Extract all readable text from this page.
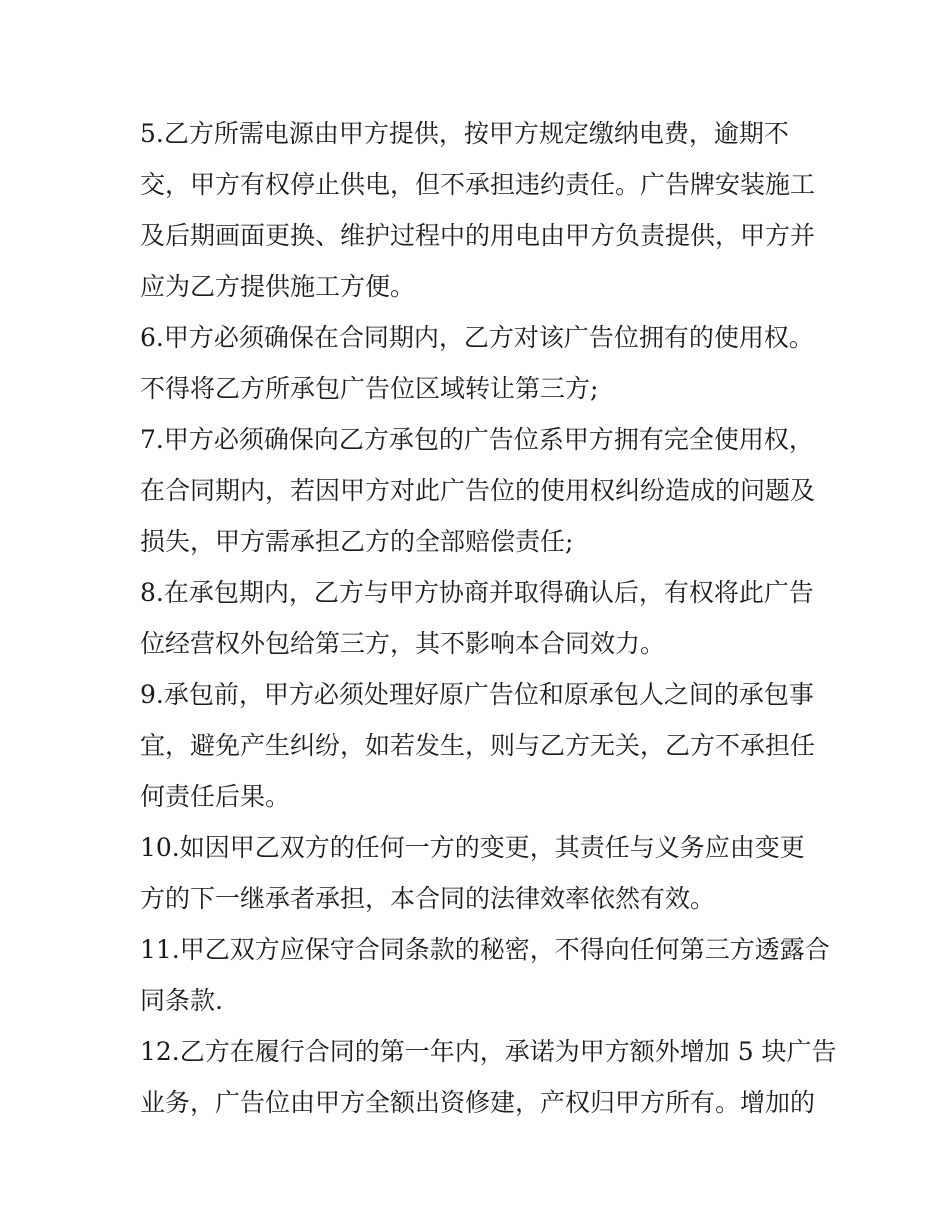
5.乙方所需电源由甲方提供，按甲方规定缴纳电费，逾期不
交，甲方有权停止供电，但不承担违约责任。广告牌安装施工
及后期画面更换、维护过程中的用电由甲方负责提供，甲方并
应为乙方提供施工方便。
6.甲方必须确保在合同期内，乙方对该广告位拥有的使用权。
不得将乙方所承包广告位区域转让第三方;
7.甲方必须确保向乙方承包的广告位系甲方拥有完全使用权，
在合同期内，若因甲方对此广告位的使用权纠纷造成的问题及
损失，甲方需承担乙方的全部赔偿责任;
8.在承包期内，乙方与甲方协商并取得确认后，有权将此广告
位经营权外包给第三方，其不影响本合同效力。
9.承包前，甲方必须处理好原广告位和原承包人之间的承包事
宜，避免产生纠纷，如若发生，则与乙方无关，乙方不承担任
何责任后果。
10.如因甲乙双方的任何一方的变更，其责任与义务应由变更
方的下一继承者承担，本合同的法律效率依然有效。
11.甲乙双方应保守合同条款的秘密，不得向任何第三方透露合
同条款.
12.乙方在履行合同的第一年内，承诺为甲方额外增加 5 块广告
业务，广告位由甲方全额出资修建，产权归甲方所有。增加的
